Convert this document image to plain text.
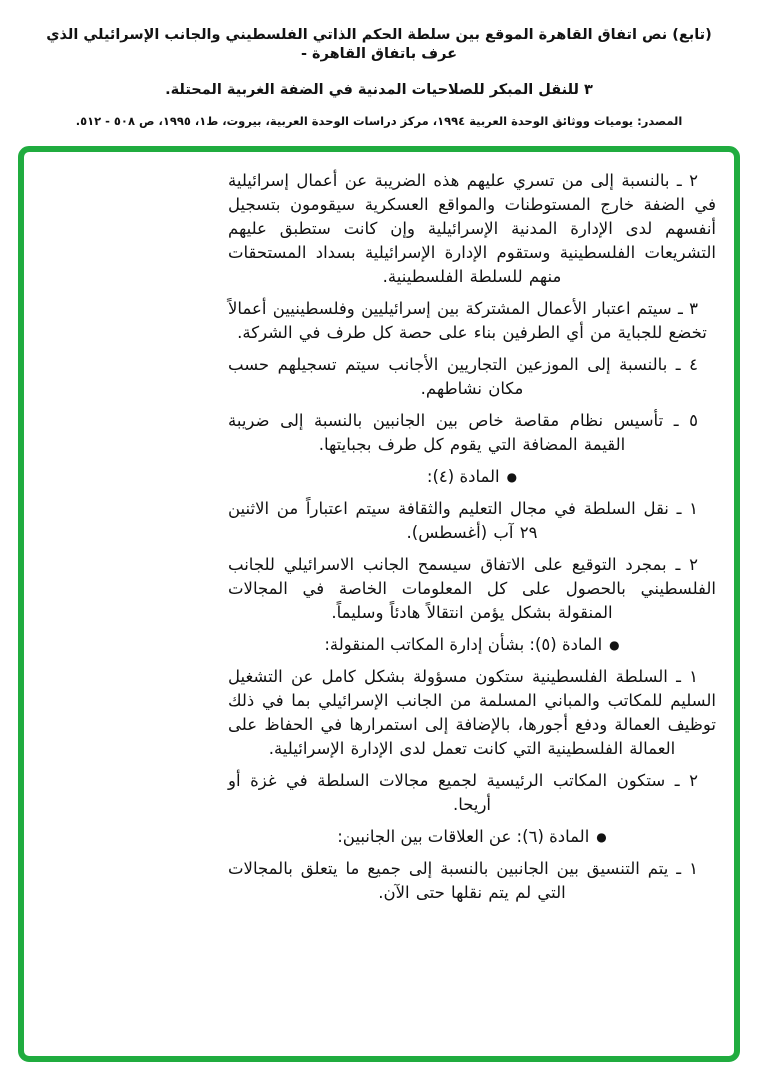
(تابع) نص اتفاق القاهرة الموقع بين سلطة الحكم الذاتي الفلسطيني والجانب الإسرائيلي الذي عرف باتفاق القاهرة -
٣ للنقل المبكر للصلاحيات المدنية في الضفة الغربية المحتلة.
المصدر: يوميات ووثائق الوحدة العربية ١٩٩٤، مركز دراسات الوحدة العربية، بيروت، ط١، ١٩٩٥، ص ٥٠٨ - ٥١٢.

٢ ـ بالنسبة إلى من تسري عليهم هذه الضريبة عن أعمال إسرائيلية في الضفة خارج المستوطنات والمواقع العسكرية سيقومون بتسجيل أنفسهم لدى الإدارة المدنية الإسرائيلية وإن كانت ستطبق عليهم التشريعات الفلسطينية وستقوم الإدارة الإسرائيلية بسداد المستحقات منهم للسلطة الفلسطينية.

٣ ـ سيتم اعتبار الأعمال المشتركة بين إسرائيليين وفلسطينيين أعمالاً تخضع للجباية من أي الطرفين بناء على حصة كل طرف في الشركة.

٤ ـ بالنسبة إلى الموزعين التجاريين الأجانب سيتم تسجيلهم حسب مكان نشاطهم.

٥ ـ تأسيس نظام مقاصة خاص بين الجانبين بالنسبة إلى ضريبة القيمة المضافة التي يقوم كل طرف بجبايتها.

●المادة (٤):

١ ـ نقل السلطة في مجال التعليم والثقافة سيتم اعتباراً من الاثنين ٢٩ آب (أغسطس).

٢ ـ بمجرد التوقيع على الاتفاق سيسمح الجانب الاسرائيلي للجانب الفلسطيني بالحصول على كل المعلومات الخاصة في المجالات المنقولة بشكل يؤمن انتقالاً هادئاً وسليماً.

●المادة (٥): بشأن إدارة المكاتب المنقولة:

١ ـ السلطة الفلسطينية ستكون مسؤولة بشكل كامل عن التشغيل السليم للمكاتب والمباني المسلمة من الجانب الإسرائيلي بما في ذلك توظيف العمالة ودفع أجورها، بالإضافة إلى استمرارها في الحفاظ على العمالة الفلسطينية التي كانت تعمل لدى الإدارة الإسرائيلية.

٢ ـ ستكون المكاتب الرئيسية لجميع مجالات السلطة في غزة أو أريحا.

●المادة (٦): عن العلاقات بين الجانبين:

١ ـ يتم التنسيق بين الجانبين بالنسبة إلى جميع ما يتعلق بالمجالات التي لم يتم نقلها حتى الآن.
